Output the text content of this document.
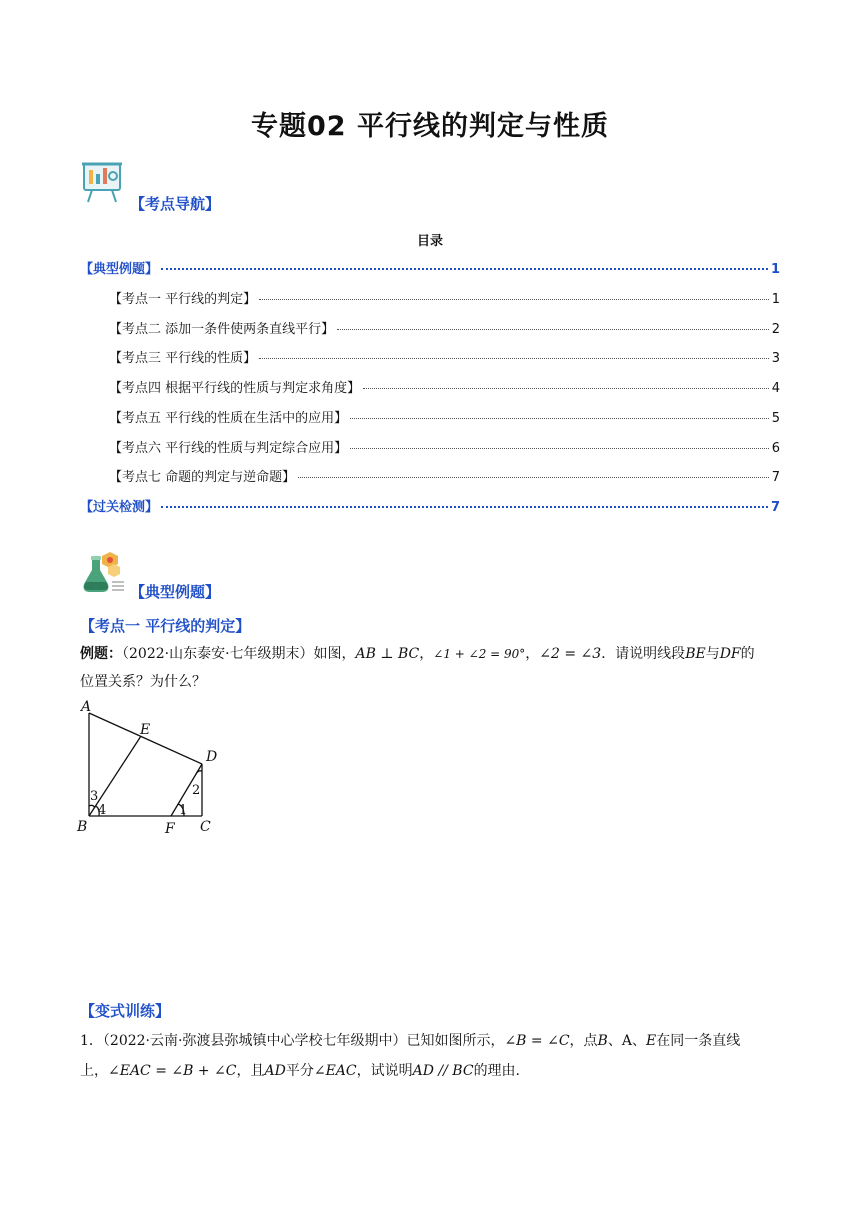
专题02 平行线的判定与性质
【考点导航】
目录
【典型例题】	1
【考点一 平行线的判定】	1
【考点二 添加一条件使两条直线平行】	2
【考点三 平行线的性质】	3
【考点四 根据平行线的性质与判定求角度】	4
【考点五 平行线的性质在生活中的应用】	5
【考点六 平行线的性质与判定综合应用】	6
【考点七 命题的判定与逆命题】	7
【过关检测】	7
【典型例题】
【考点一 平行线的判定】
例题：（2022·山东泰安·七年级期末）如图，AB ⊥ BC，∠1 + ∠2 = 90°，∠2 = ∠3．请说明线段BE与DF的
位置关系？为什么？
A
E
D
B	F C
3
4	1
2
【变式训练】
1．（2022·云南·弥渡县弥城镇中心学校七年级期中）已知如图所示，∠B = ∠C，点B、A、E在同一条直线
上，∠EAC = ∠B + ∠C，且AD平分∠EAC，试说明AD // BC的理由.
